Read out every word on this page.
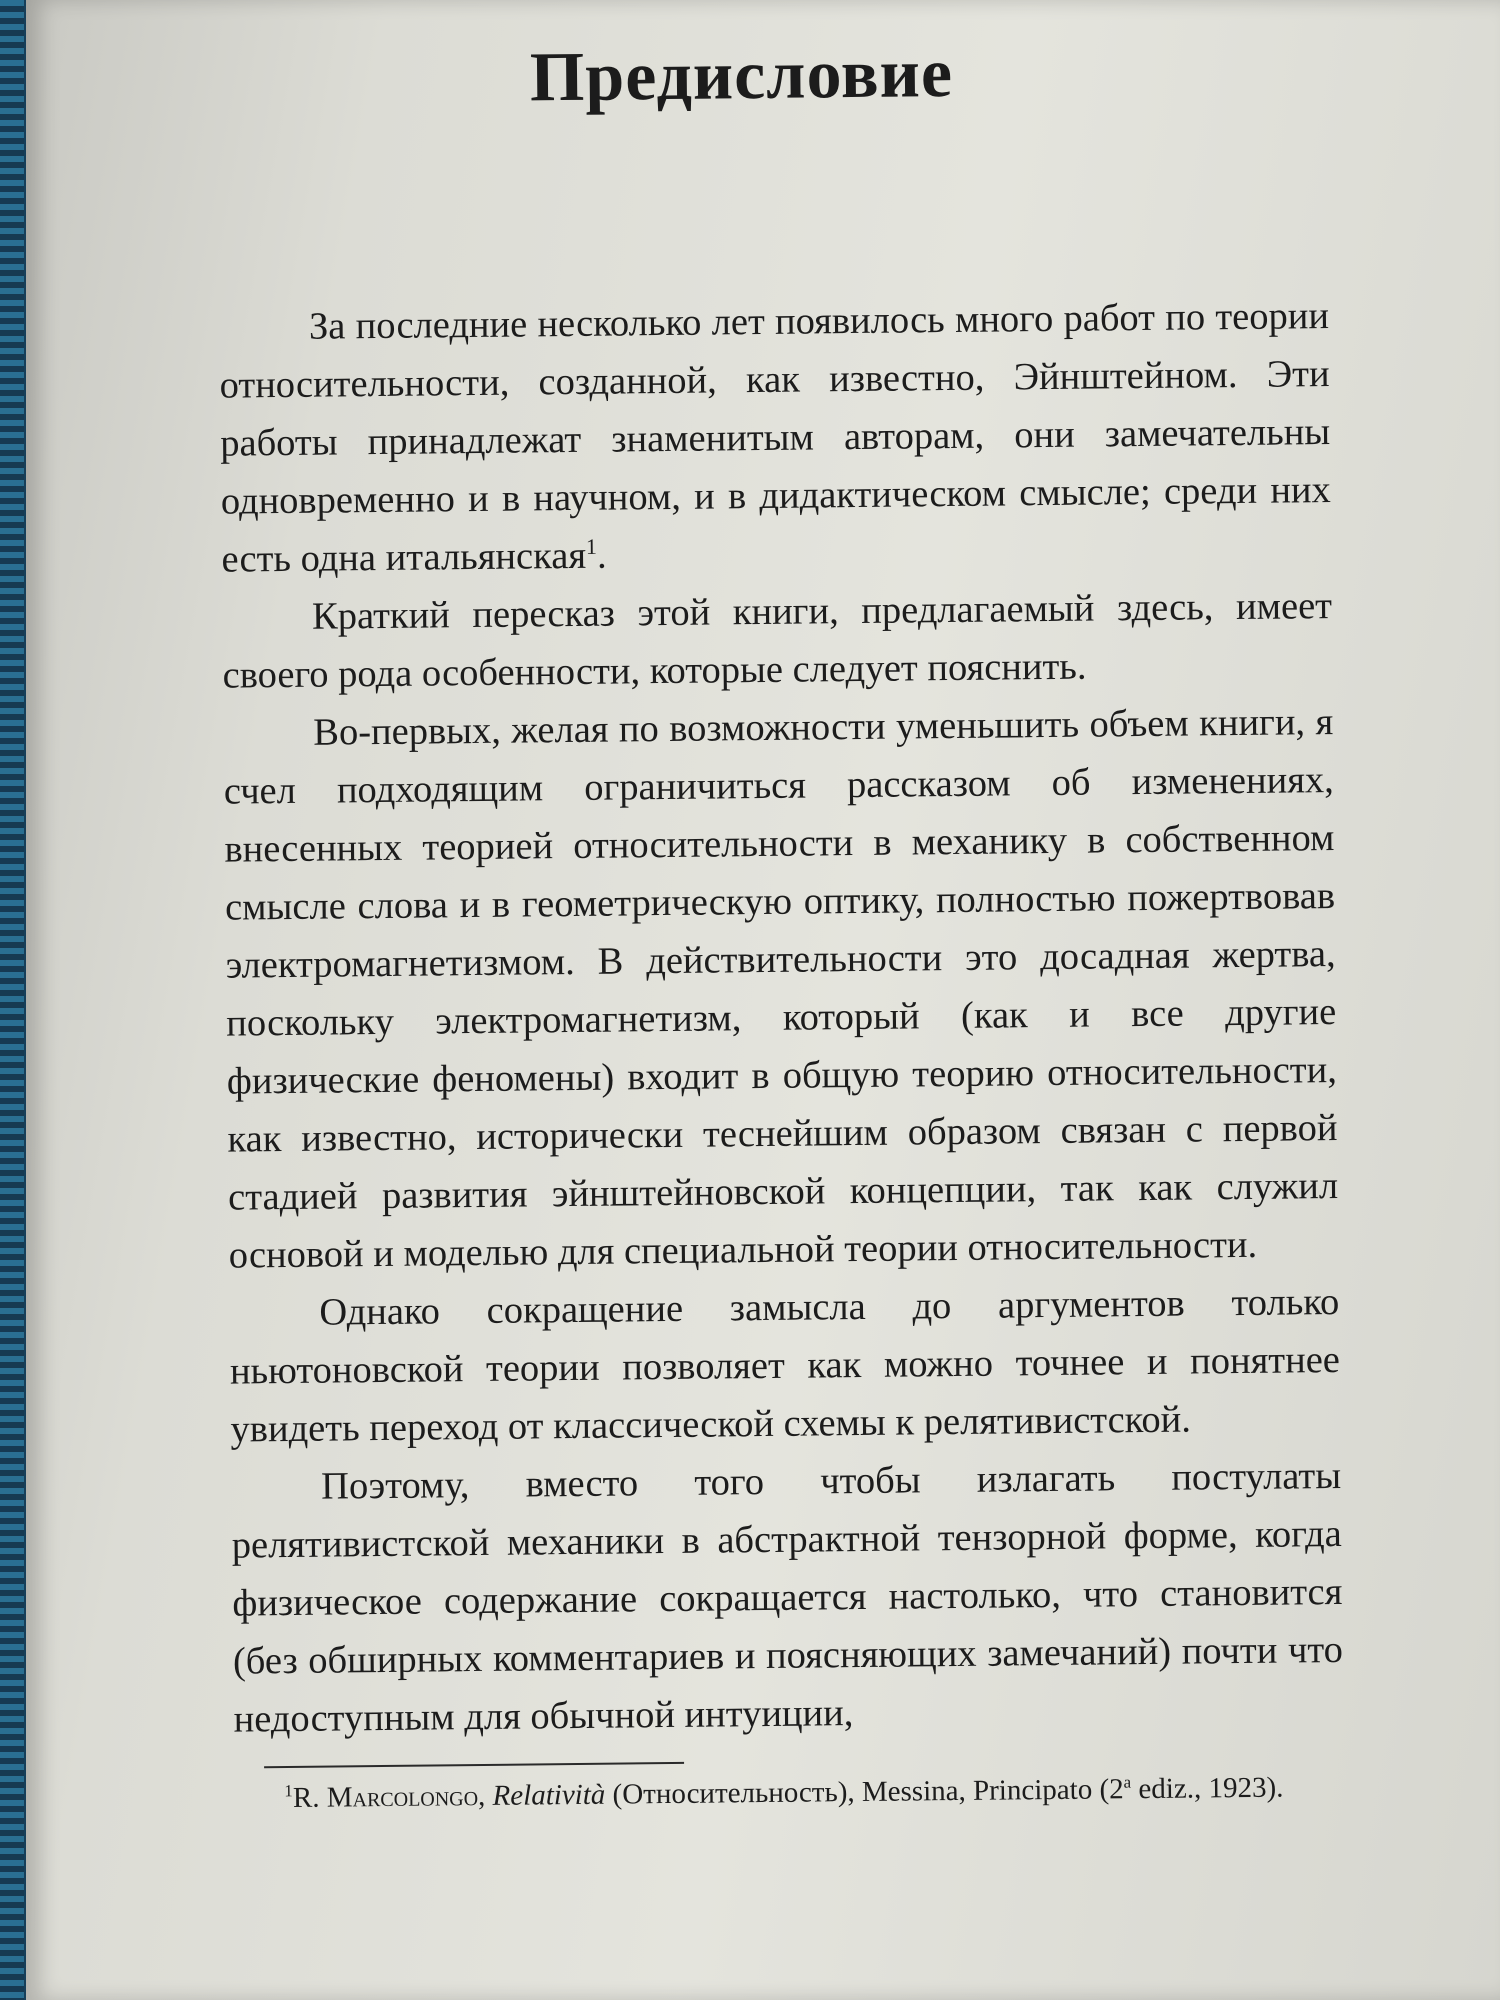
Предисловие

За последние несколько лет появилось много работ по теории относительности, созданной, как известно, Эйнштейном. Эти работы принадлежат знаменитым авторам, они замечательны одновременно и в научном, и в дидактическом смысле; среди них есть одна итальянская$^1$.

Краткий пересказ этой книги, предлагаемый здесь, имеет своего рода особенности, которые следует пояснить.

Во-первых, желая по возможности уменьшить объем книги, я счел подходящим ограничиться рассказом об изменениях, внесенных теорией относительности в механику в собственном смысле слова и в геометрическую оптику, полностью пожертвовав электромагнетизмом. В действительности это досадная жертва, поскольку электромагнетизм, который (как и все другие физические феномены) входит в общую теорию относительности, как известно, исторически теснейшим образом связан с первой стадией развития эйнштейновской концепции, так как служил основой и моделью для специальной теории относительности.

Однако сокращение замысла до аргументов только ньютоновской теории позволяет как можно точнее и понятнее увидеть переход от классической схемы к релятивистской.

Поэтому, вместо того чтобы излагать постулаты релятивистской механики в абстрактной тензорной форме, когда физическое содержание сокращается настолько, что становится (без обширных комментариев и поясняющих замечаний) почти что недоступным для обычной интуиции,

$^1$R. Marcolongo, Relatività (Относительность), Messina, Principato (2$^a$ ediz., 1923).
